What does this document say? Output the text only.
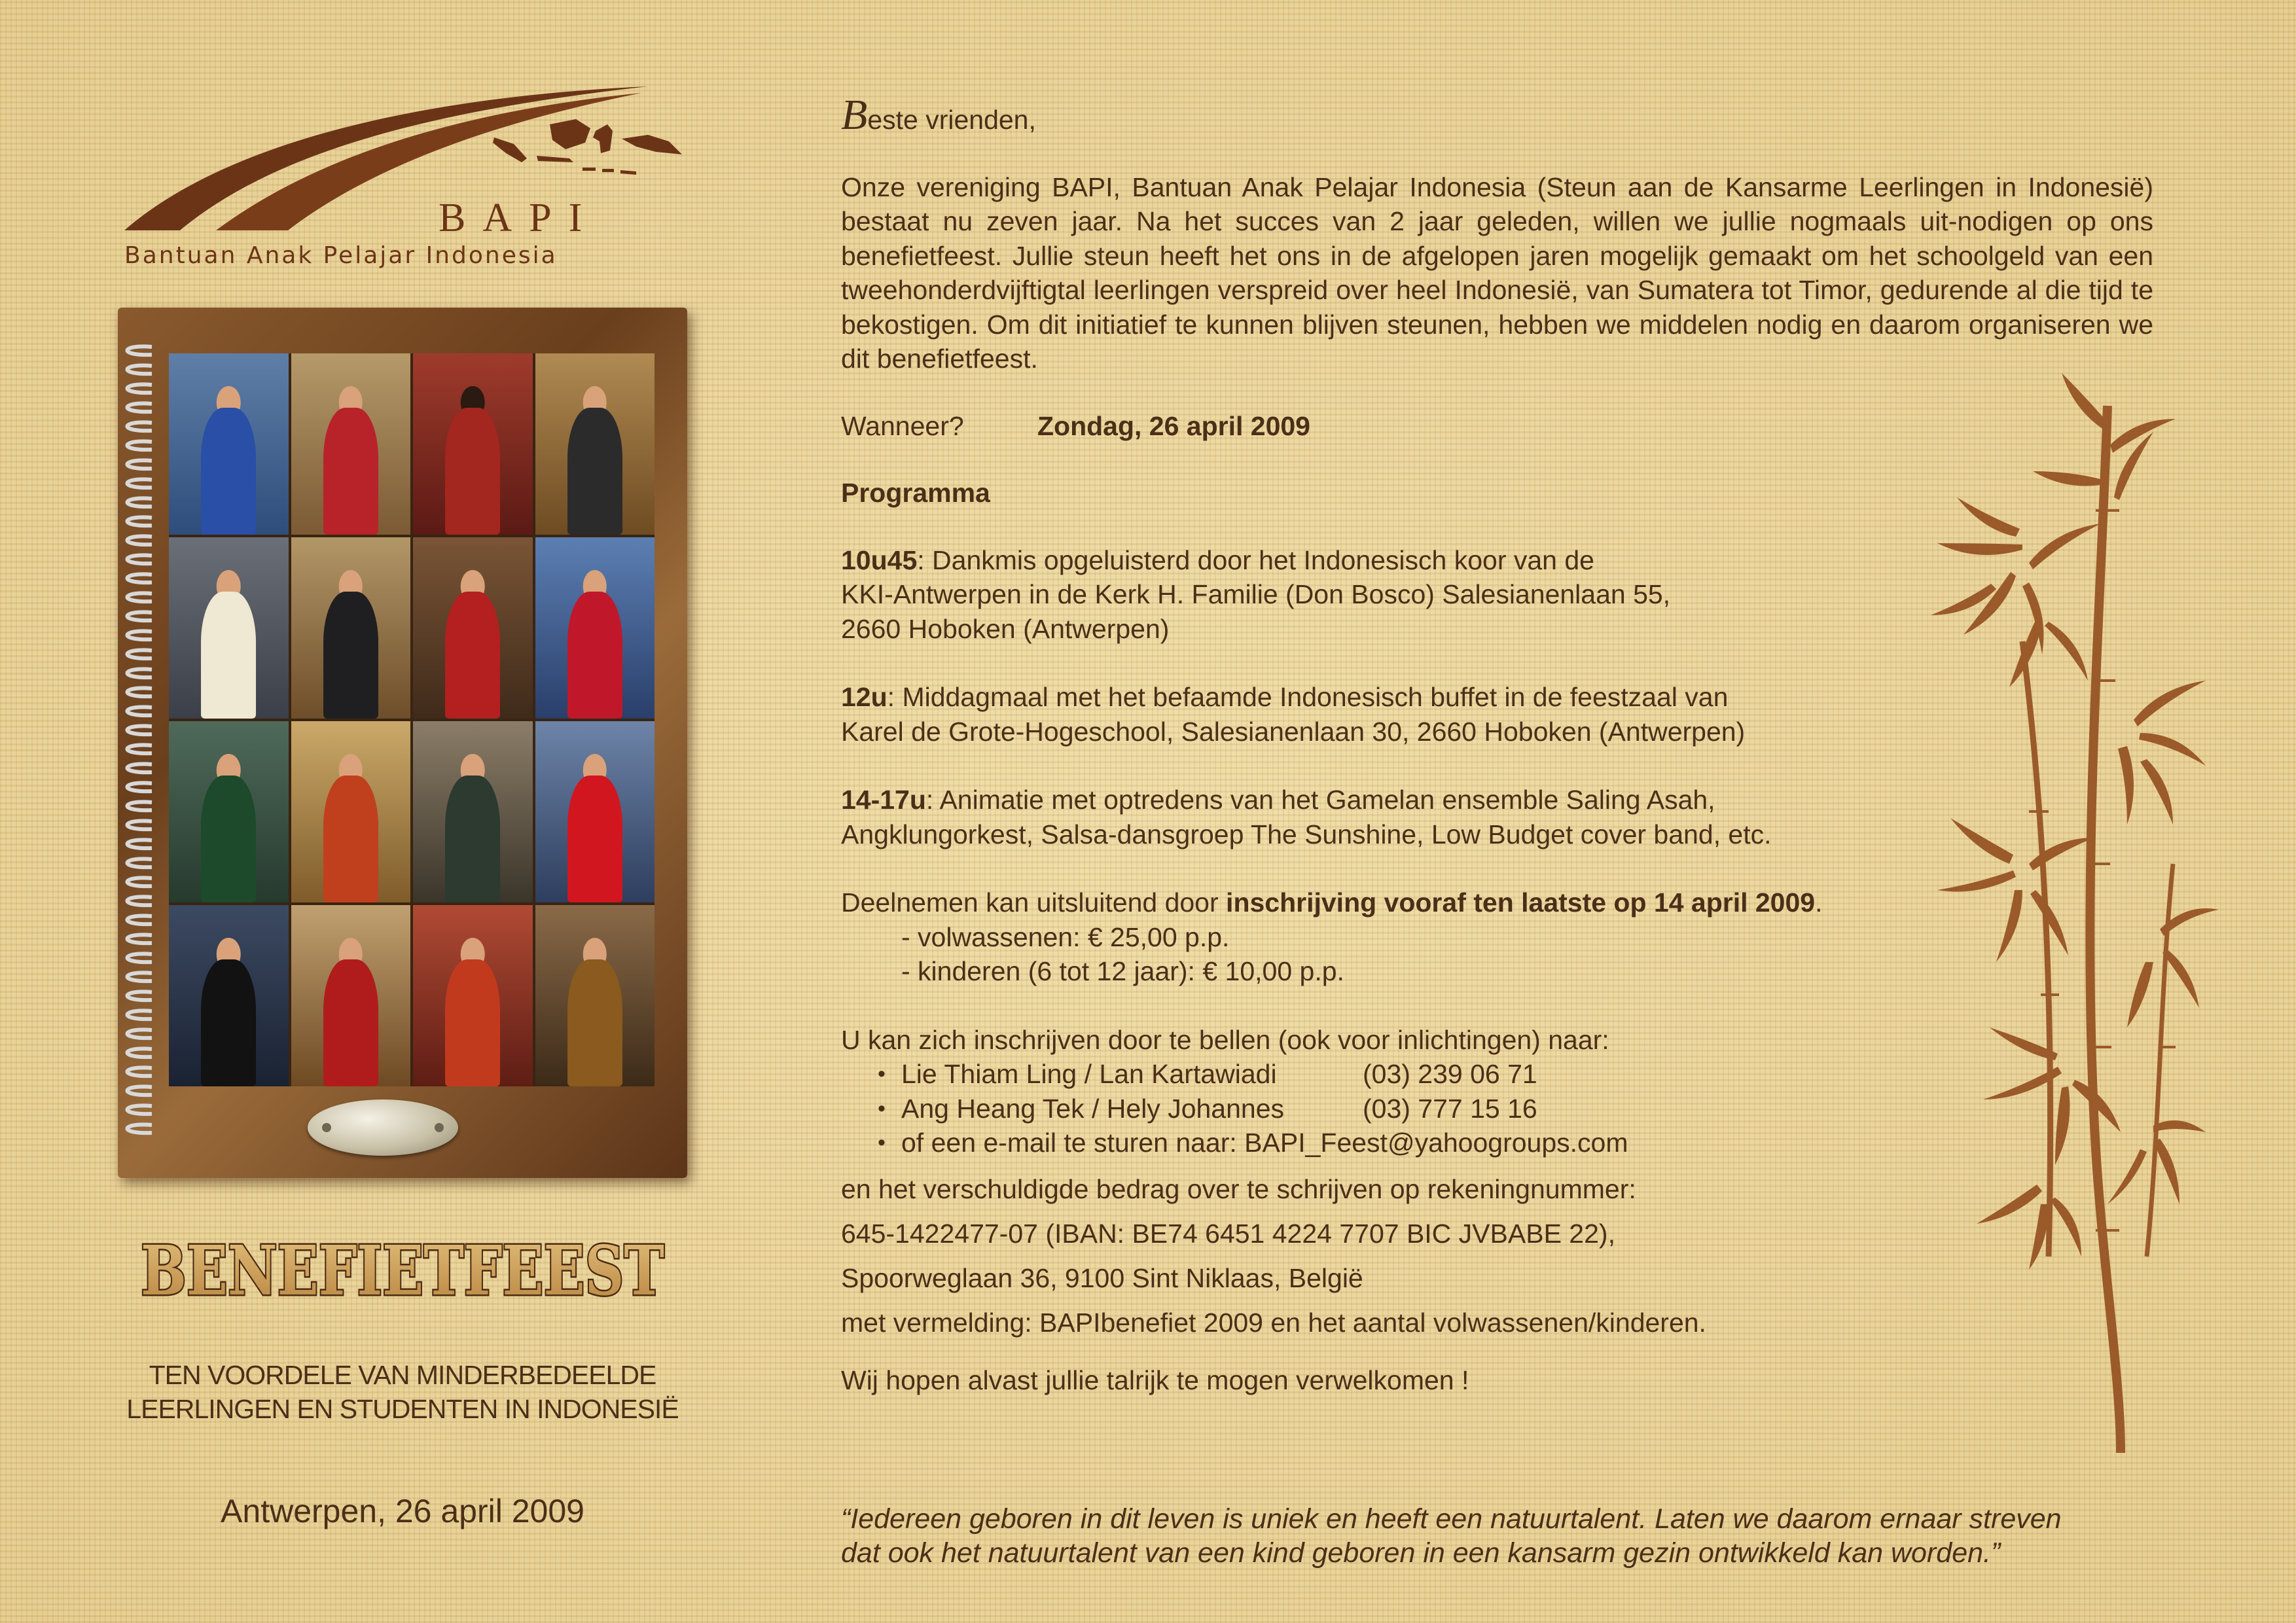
BAPI
Bantuan Anak Pelajar Indonesia
BENEFIETFEEST
TEN VOORDELE VAN MINDERBEDEELDE
LEERLINGEN EN STUDENTEN IN INDONESIË
Antwerpen, 26 april 2009
Beste vrienden,

Onze vereniging BAPI, Bantuan Anak Pelajar Indonesia (Steun aan de Kansarme Leerlingen in Indonesië) bestaat nu zeven jaar. Na het succes van 2 jaar geleden, willen we jullie nogmaals uit-nodigen op ons benefietfeest. Jullie steun heeft het ons in de afgelopen jaren mogelijk gemaakt om het schoolgeld van een tweehonderdvijftigtal leerlingen verspreid over heel Indonesië, van Sumatera tot Timor, gedurende al die tijd te bekostigen. Om dit initiatief te kunnen blijven steunen, hebben we middelen nodig en daarom organiseren we dit benefietfeest.

Wanneer?	Zondag, 26 april 2009

Programma

10u45: Dankmis opgeluisterd door het Indonesisch koor van de
KKI-Antwerpen in de Kerk H. Familie (Don Bosco) Salesianenlaan 55,
2660 Hoboken (Antwerpen)
12u: Middagmaal met het befaamde Indonesisch buffet in de feestzaal van
Karel de Grote-Hogeschool, Salesianenlaan 30, 2660 Hoboken (Antwerpen)
14-17u: Animatie met optredens van het Gamelan ensemble Saling Asah,
Angklungorkest, Salsa-dansgroep The Sunshine, Low Budget cover band, etc.

Deelnemen kan uitsluitend door inschrijving vooraf ten laatste op 14 april 2009.

- volwassenen: € 25,00 p.p.

- kinderen (6 tot 12 jaar): € 10,00 p.p.

U kan zich inschrijven door te bellen (ook voor inlichtingen) naar:

• Lie Thiam Ling / Lan Kartawiadi	(03) 239 06 71
• Ang Heang Tek / Hely Johannes	(03) 777 15 16
• of een e-mail te sturen naar: BAPI_Feest@yahoogroups.com
en het verschuldigde bedrag over te schrijven op rekeningnummer:
645-1422477-07 (IBAN: BE74 6451 4224 7707 BIC JVBABE 22),
Spoorweglaan 36, 9100 Sint Niklaas, België
met vermelding: BAPIbenefiet 2009 en het aantal volwassenen/kinderen.

Wij hopen alvast jullie talrijk te mogen verwelkomen !

“Iedereen geboren in dit leven is uniek en heeft een natuurtalent. Laten we daarom ernaar streven
dat ook het natuurtalent van een kind geboren in een kansarm gezin ontwikkeld kan worden.”
